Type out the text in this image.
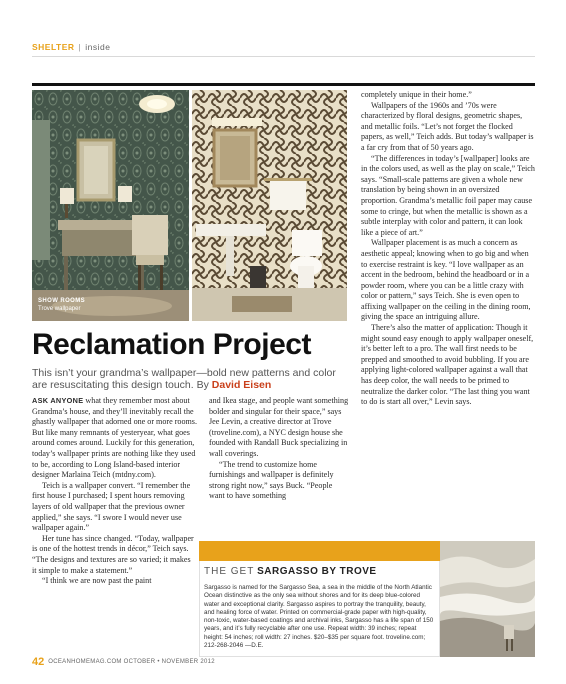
SHELTER | inside
SHOW ROOMS
Trove wallpaper
Reclamation Project
This isn’t your grandma’s wallpaper—bold new patterns and color are resuscitating this design touch. By David Eisen

ASK ANYONE what they remember most about Grandma’s house, and they’ll inevitably recall the ghastly wallpaper that adorned one or more rooms. But like many remnants of yesteryear, what goes around comes around. Luckily for this generation, today’s wallpaper prints are nothing like they used to be, according to Long Island-based interior designer Marlaina Teich (mtdny.com).

Teich is a wallpaper convert. “I remember the first house I purchased; I spent hours removing layers of old wallpaper that the previous owner applied,” she says. “I swore I would never use wallpaper again.”

Her tune has since changed. “Today, wallpaper is one of the hottest trends in décor,” Teich says. “The designs and textures are so varied; it makes it simple to make a statement.”

“I think we are now past the paint

and Ikea stage, and people want something bolder and singular for their space,” says Jee Levin, a creative director at Trove (troveline.com), a NYC design house she founded with Randall Buck specializing in wall coverings.

“The trend to customize home furnishings and wallpaper is definitely strong right now,” says Buck. “People want to have something

completely unique in their home.”

Wallpapers of the 1960s and ’70s were characterized by floral designs, geometric shapes, and metallic foils. “Let’s not forget the flocked papers, as well,” Teich adds. But today’s wallpaper is a far cry from that of 50 years ago.

“The differences in today’s [wallpaper] looks are in the colors used, as well as the play on scale,” Teich says. “Small-scale patterns are given a whole new translation by being shown in an oversized proportion. Grandma’s metallic foil paper may cause some to cringe, but when the metallic is shown as a subtle interplay with color and pattern, it can look like a piece of art.”

Wallpaper placement is as much a concern as aesthetic appeal; knowing when to go big and when to exercise restraint is key. “I love wallpaper as an accent in the bedroom, behind the headboard or in a powder room, where you can be a little crazy with color or pattern,” says Teich. She is even open to affixing wallpaper on the ceiling in the dining room, giving the space an intriguing allure.

There’s also the matter of application: Though it might sound easy enough to apply wallpaper oneself, it’s better left to a pro. The wall first needs to be prepped and smoothed to avoid bubbling. If you are applying light-colored wallpaper against a wall that has deep color, the wall needs to be primed to neutralize the darker color. “The last thing you want to do is start all over,” Levin says.

THE GET SARGASSO BY TROVE
Sargasso is named for the Sargasso Sea, a sea in the middle of the North Atlantic Ocean distinctive as the only sea without shores and for its deep blue-colored water and exceptional clarity. Sargasso aspires to portray the tranquility, beauty, and healing force of water. Printed on commercial-grade paper with high-quality, non-toxic, water-based coatings and archival inks, Sargasso has a life span of 150 years, and it’s fully recyclable after one use. Repeat width: 39 inches; repeat height: 54 inches; roll width: 27 inches. $20–$35 per square foot. troveline.com; 212-268-2046 —D.E.
42 OCEANHOMEMAG.COM OCTOBER • NOVEMBER 2012
